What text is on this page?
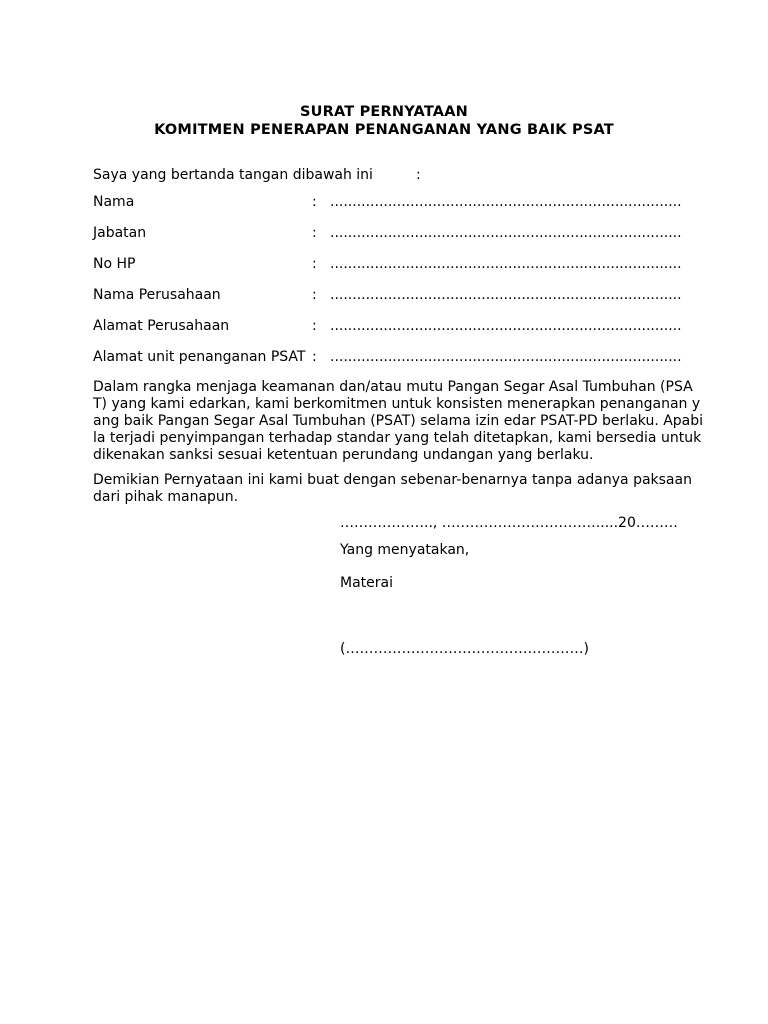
SURAT PERNYATAAN
KOMITMEN PENERAPAN PENANGANAN YANG BAIK PSAT
Saya yang bertanda tangan dibawah ini	:
Nama	: ...............................................................................
Jabatan	: ...............................................................................
No HP	: ...............................................................................
Nama Perusahaan	: ...............................................................................
Alamat Perusahaan	: ...............................................................................
Alamat unit penanganan PSAT : ...............................................................................
Dalam rangka menjaga keamanan dan/atau mutu Pangan Segar Asal Tumbuhan (PSAT) yang kami edarkan, kami berkomitmen untuk konsisten menerapkan penanganan yang baik Pangan Segar Asal Tumbuhan (PSAT) selama izin edar PSAT-PD berlaku. Apabila terjadi penyimpangan terhadap standar yang telah ditetapkan, kami bersedia untuk dikenakan sanksi sesuai ketentuan perundang undangan yang berlaku.
Demikian Pernyataan ini kami buat dengan sebenar-benarnya tanpa adanya paksaan dari pihak manapun.
……………….., …………………………….....20………
Yang menyatakan,
Materai
(……………………………………………)
